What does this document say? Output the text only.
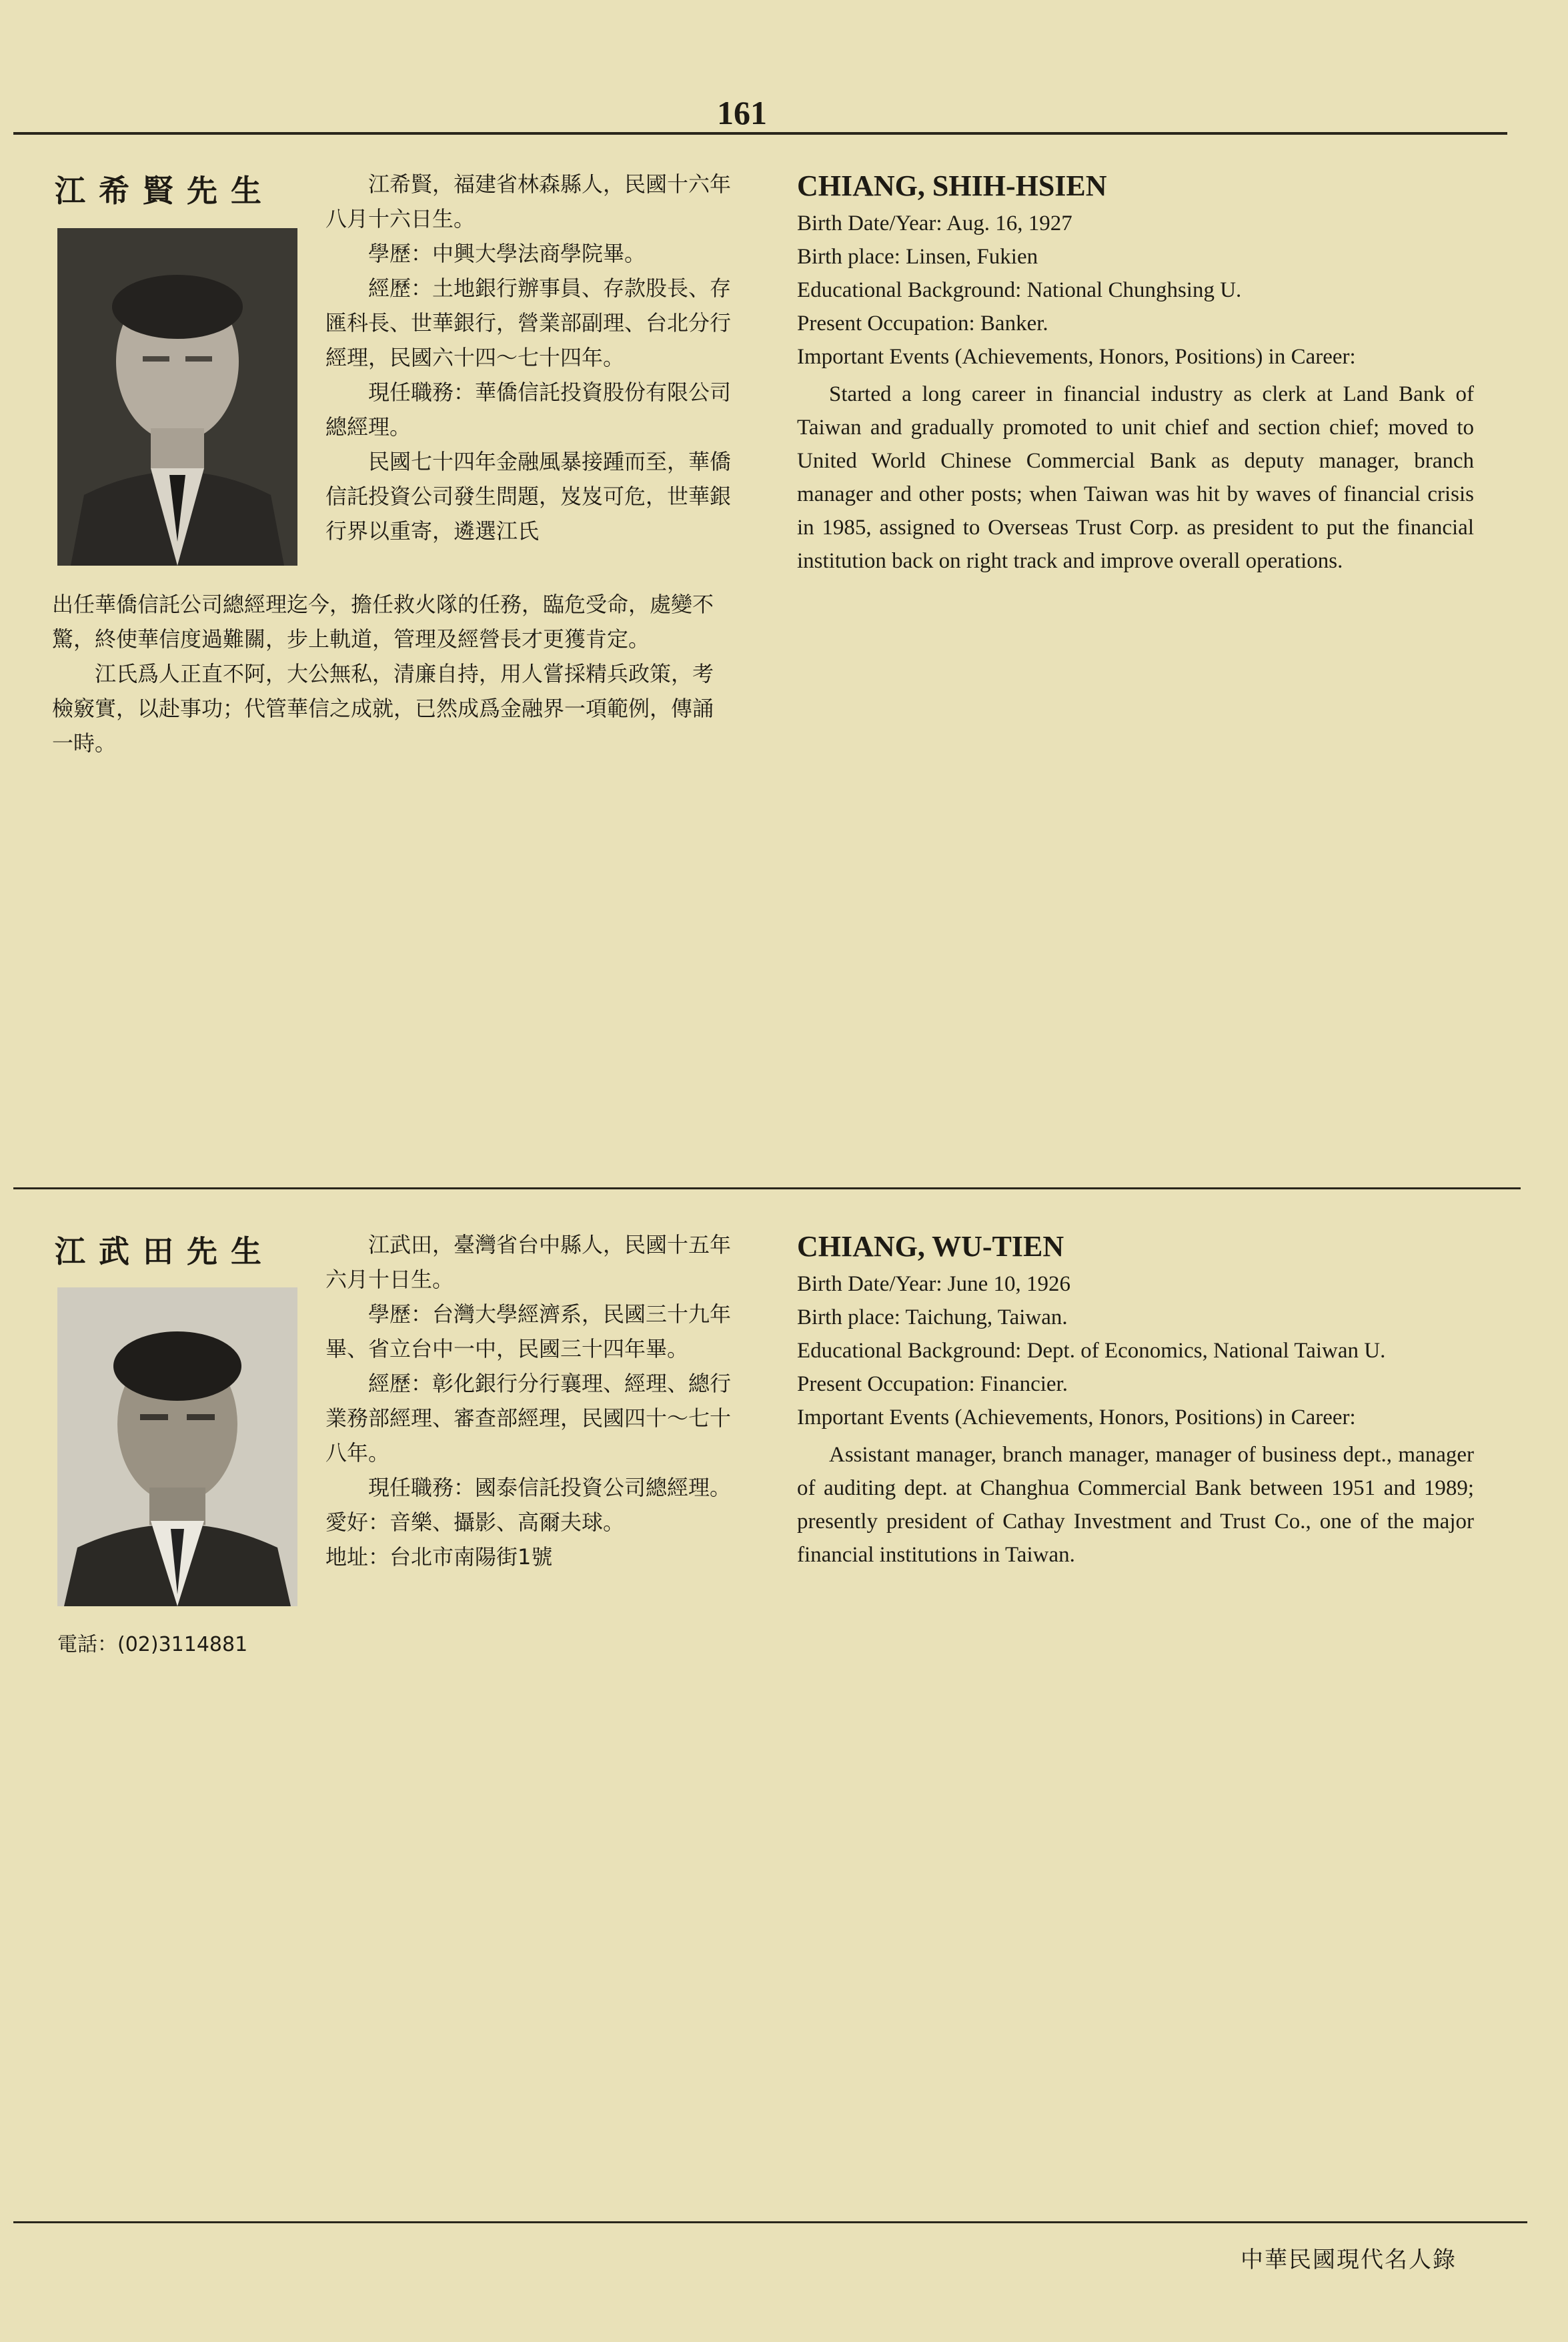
161
江希賢先生	江希賢，福建省林森縣人，民國十六年八月十六日生。

學歷：中興大學法商學院畢。

經歷：土地銀行辦事員、存款股長、存匯科長、世華銀行，營業部副理、台北分行經理，民國六十四～七十四年。

現任職務：華僑信託投資股份有限公司總經理。

民國七十四年金融風暴接踵而至，華僑信託投資公司發生問題，岌岌可危，世華銀行界以重寄，遴選江氏

出任華僑信託公司總經理迄今，擔任救火隊的任務，臨危受命，處變不驚，終使華信度過難關，步上軌道，管理及經營長才更獲肯定。

江氏爲人正直不阿，大公無私，清廉自持，用人嘗採精兵政策，考檢竅實，以赴事功；代管華信之成就，已然成爲金融界一項範例，傳誦一時。

CHIANG, SHIH-HSIEN

Birth Date/Year: Aug. 16, 1927

Birth place: Linsen, Fukien

Educational Background: National Chunghsing U.

Present Occupation: Banker.

Important Events (Achievements, Honors, Positions) in Career:

Started a long career in financial industry as clerk at Land Bank of Taiwan and gradually promoted to unit chief and section chief; moved to United World Chinese Commercial Bank as deputy manager, branch manager and other posts; when Taiwan was hit by waves of financial crisis in 1985, assigned to Overseas Trust Corp. as president to put the financial institution back on right track and improve overall operations.

江武田先生	江武田，臺灣省台中縣人，民國十五年六月十日生。

學歷：台灣大學經濟系，民國三十九年畢、省立台中一中，民國三十四年畢。

經歷：彰化銀行分行襄理、經理、總行業務部經理、審查部經理，民國四十～七十八年。

現任職務：國泰信託投資公司總經理。

愛好：音樂、攝影、高爾夫球。

地址：台北市南陽街1號

電話：(02)3114881
CHIANG, WU-TIEN

Birth Date/Year: June 10, 1926

Birth place: Taichung, Taiwan.

Educational Background: Dept. of Economics, National Taiwan U.

Present Occupation: Financier.

Important Events (Achievements, Honors, Positions) in Career:

Assistant manager, branch manager, manager of business dept., manager of auditing dept. at Changhua Commercial Bank between 1951 and 1989; presently president of Cathay Investment and Trust Co., one of the major financial institutions in Taiwan.

中華民國現代名人錄
